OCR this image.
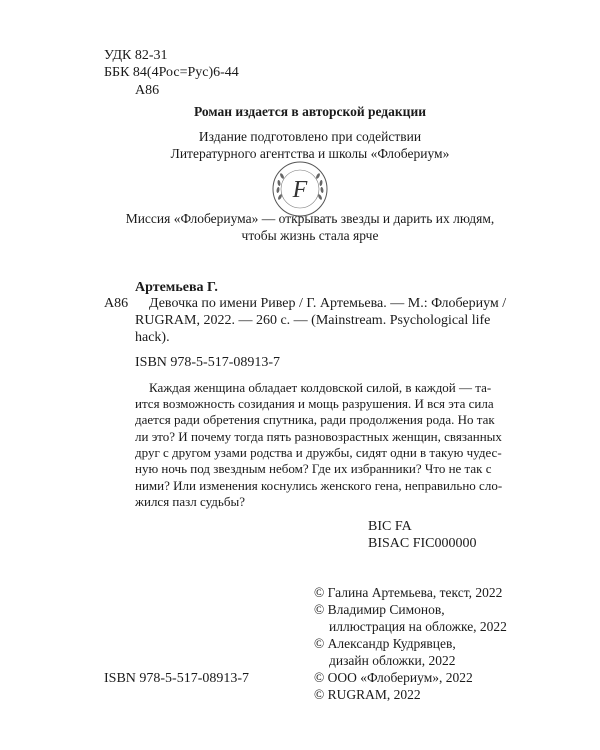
УДК 82-31
ББК 84(4Рос=Рус)6-44
А86
Роман издается в авторской редакции
Издание подготовлено при содействии
Литературного агентства и школы «Флобериум»
F
Миссия «Флобериума» — открывать звезды и дарить их людям,
чтобы жизнь стала ярче
Артемьева Г.
А86 Девочка по имени Ривер / Г. Артемьева. — М.: Флобериум /
RUGRAM, 2022. — 260 с. — (Mainstream. Psychological life
hack).
ISBN 978-5-517-08913-7
Каждая женщина обладает колдовской силой, в каждой — та-
ится возможность созидания и мощь разрушения. И вся эта сила
дается ради обретения спутника, ради продолжения рода. Но так
ли это? И почему тогда пять разновозрастных женщин, связанных
друг с другом узами родства и дружбы, сидят одни в такую чудес-
ную ночь под звездным небом? Где их избранники? Что не так с
ними? Или изменения коснулись женского гена, неправильно сло-
жился пазл судьбы?
BIC FA
BISAC FIC000000
© Галина Артемьева, текст, 2022
© Владимир Симонов,
иллюстрация на обложке, 2022
© Александр Кудрявцев,
дизайн обложки, 2022
© ООО «Флобериум», 2022
© RUGRAM, 2022
ISBN 978-5-517-08913-7
